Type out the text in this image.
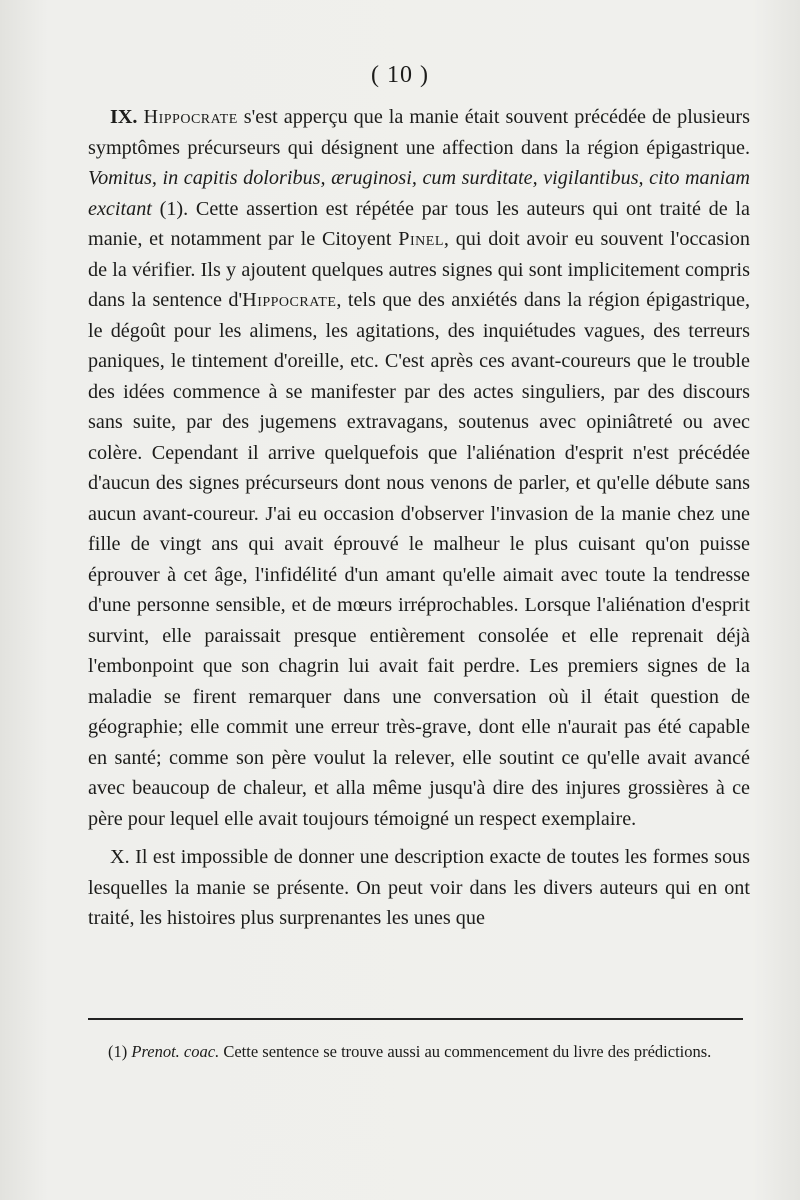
( 10 )

IX. Hippocrate s'est apperçu que la manie était souvent précédée de plusieurs symptômes précurseurs qui désignent une affection dans la région épigastrique. Vomitus, in capitis doloribus, æruginosi, cum surditate, vigilantibus, cito maniam excitant (1). Cette assertion est répétée par tous les auteurs qui ont traité de la manie, et notamment par le Citoyent Pinel, qui doit avoir eu souvent l'occasion de la vérifier. Ils y ajoutent quelques autres signes qui sont implicitement compris dans la sentence d'Hippocrate, tels que des anxiétés dans la région épigastrique, le dégoût pour les alimens, les agitations, des inquiétudes vagues, des terreurs paniques, le tintement d'oreille, etc. C'est après ces avant-coureurs que le trouble des idées commence à se manifester par des actes singuliers, par des discours sans suite, par des jugemens extravagans, soutenus avec opiniâtreté ou avec colère. Cependant il arrive quelquefois que l'aliénation d'esprit n'est précédée d'aucun des signes précurseurs dont nous venons de parler, et qu'elle débute sans aucun avant-coureur. J'ai eu occasion d'observer l'invasion de la manie chez une fille de vingt ans qui avait éprouvé le malheur le plus cuisant qu'on puisse éprouver à cet âge, l'infidélité d'un amant qu'elle aimait avec toute la tendresse d'une personne sensible, et de mœurs irréprochables. Lorsque l'aliénation d'esprit survint, elle paraissait presque entièrement consolée et elle reprenait déjà l'embonpoint que son chagrin lui avait fait perdre. Les premiers signes de la maladie se firent remarquer dans une conversation où il était question de géographie; elle commit une erreur très-grave, dont elle n'aurait pas été capable en santé; comme son père voulut la relever, elle soutint ce qu'elle avait avancé avec beaucoup de chaleur, et alla même jusqu'à dire des injures grossières à ce père pour lequel elle avait toujours témoigné un respect exemplaire.

X. Il est impossible de donner une description exacte de toutes les formes sous lesquelles la manie se présente. On peut voir dans les divers auteurs qui en ont traité, les histoires plus surprenantes les unes que

(1) Prenot. coac. Cette sentence se trouve aussi au commencement du livre des prédictions.
